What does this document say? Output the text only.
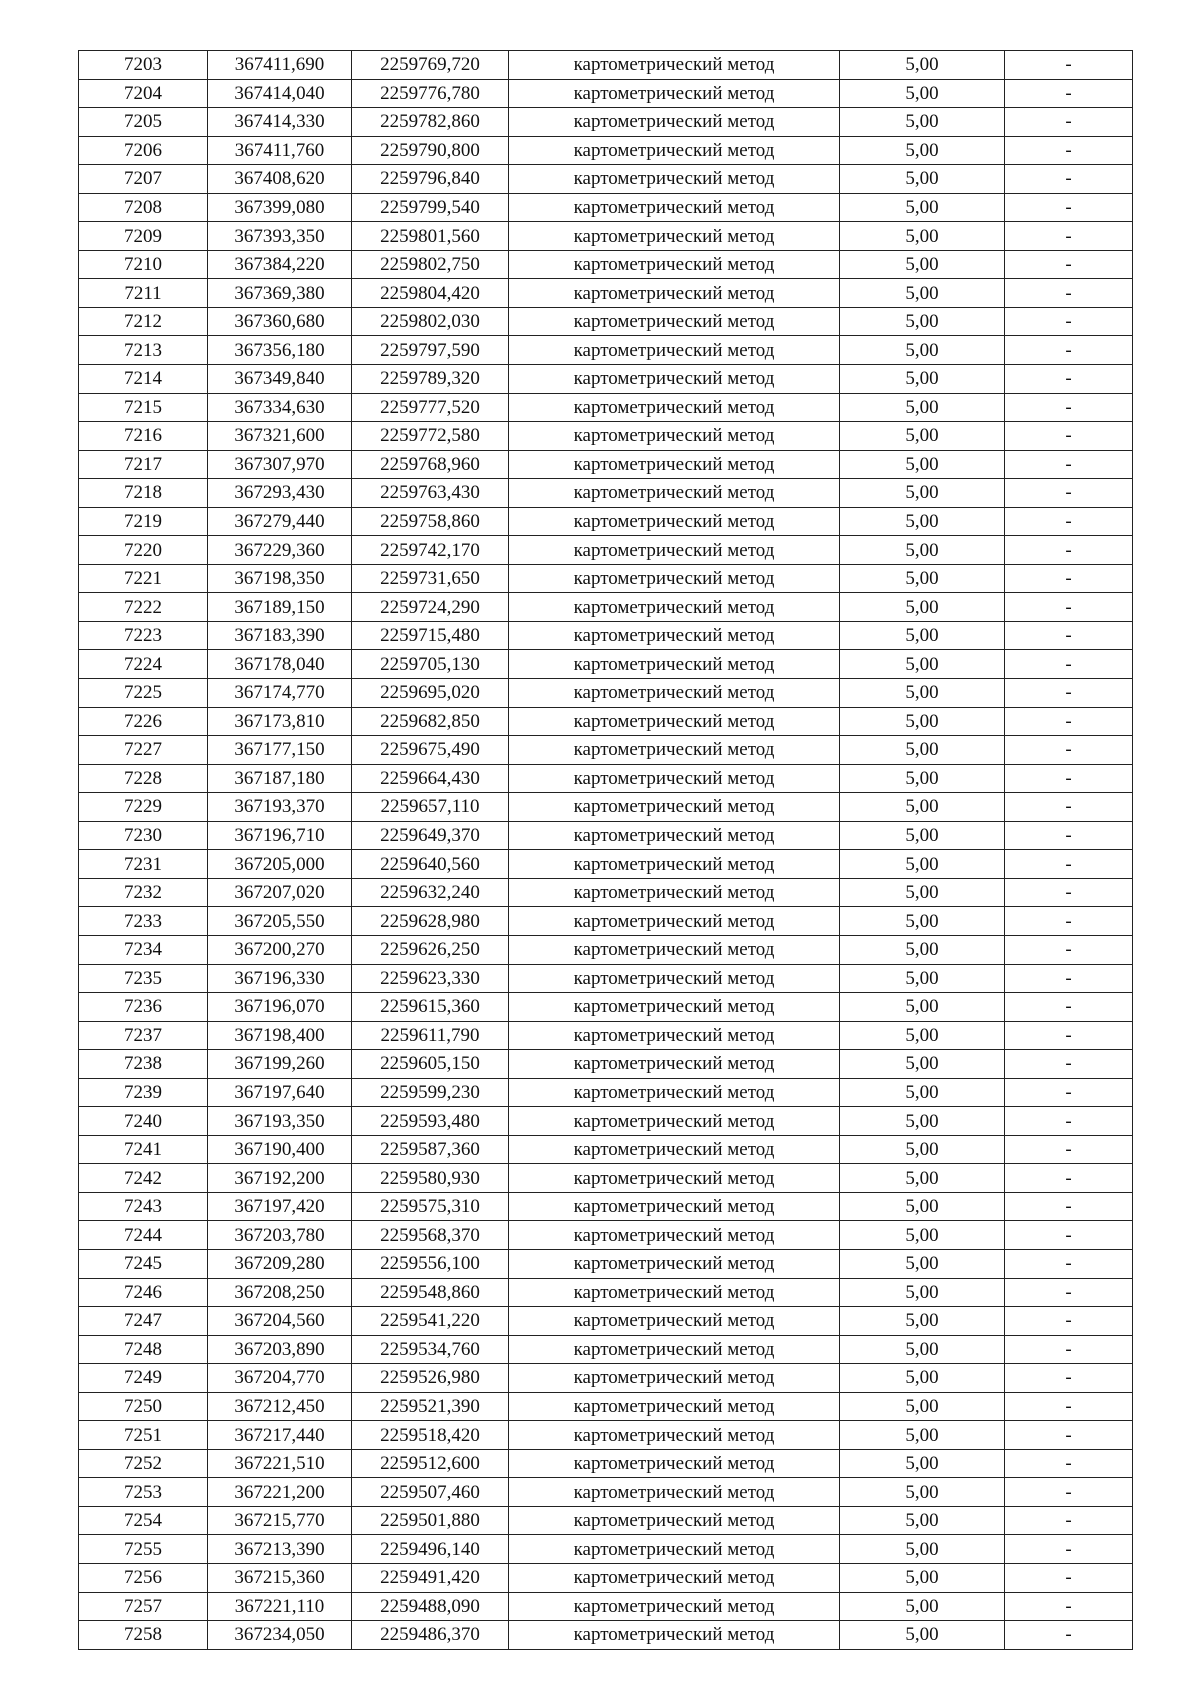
7203	367411,690	2259769,720	картометрический метод	5,00	-
7204	367414,040	2259776,780	картометрический метод	5,00	-
7205	367414,330	2259782,860	картометрический метод	5,00	-
7206	367411,760	2259790,800	картометрический метод	5,00	-
7207	367408,620	2259796,840	картометрический метод	5,00	-
7208	367399,080	2259799,540	картометрический метод	5,00	-
7209	367393,350	2259801,560	картометрический метод	5,00	-
7210	367384,220	2259802,750	картометрический метод	5,00	-
7211	367369,380	2259804,420	картометрический метод	5,00	-
7212	367360,680	2259802,030	картометрический метод	5,00	-
7213	367356,180	2259797,590	картометрический метод	5,00	-
7214	367349,840	2259789,320	картометрический метод	5,00	-
7215	367334,630	2259777,520	картометрический метод	5,00	-
7216	367321,600	2259772,580	картометрический метод	5,00	-
7217	367307,970	2259768,960	картометрический метод	5,00	-
7218	367293,430	2259763,430	картометрический метод	5,00	-
7219	367279,440	2259758,860	картометрический метод	5,00	-
7220	367229,360	2259742,170	картометрический метод	5,00	-
7221	367198,350	2259731,650	картометрический метод	5,00	-
7222	367189,150	2259724,290	картометрический метод	5,00	-
7223	367183,390	2259715,480	картометрический метод	5,00	-
7224	367178,040	2259705,130	картометрический метод	5,00	-
7225	367174,770	2259695,020	картометрический метод	5,00	-
7226	367173,810	2259682,850	картометрический метод	5,00	-
7227	367177,150	2259675,490	картометрический метод	5,00	-
7228	367187,180	2259664,430	картометрический метод	5,00	-
7229	367193,370	2259657,110	картометрический метод	5,00	-
7230	367196,710	2259649,370	картометрический метод	5,00	-
7231	367205,000	2259640,560	картометрический метод	5,00	-
7232	367207,020	2259632,240	картометрический метод	5,00	-
7233	367205,550	2259628,980	картометрический метод	5,00	-
7234	367200,270	2259626,250	картометрический метод	5,00	-
7235	367196,330	2259623,330	картометрический метод	5,00	-
7236	367196,070	2259615,360	картометрический метод	5,00	-
7237	367198,400	2259611,790	картометрический метод	5,00	-
7238	367199,260	2259605,150	картометрический метод	5,00	-
7239	367197,640	2259599,230	картометрический метод	5,00	-
7240	367193,350	2259593,480	картометрический метод	5,00	-
7241	367190,400	2259587,360	картометрический метод	5,00	-
7242	367192,200	2259580,930	картометрический метод	5,00	-
7243	367197,420	2259575,310	картометрический метод	5,00	-
7244	367203,780	2259568,370	картометрический метод	5,00	-
7245	367209,280	2259556,100	картометрический метод	5,00	-
7246	367208,250	2259548,860	картометрический метод	5,00	-
7247	367204,560	2259541,220	картометрический метод	5,00	-
7248	367203,890	2259534,760	картометрический метод	5,00	-
7249	367204,770	2259526,980	картометрический метод	5,00	-
7250	367212,450	2259521,390	картометрический метод	5,00	-
7251	367217,440	2259518,420	картометрический метод	5,00	-
7252	367221,510	2259512,600	картометрический метод	5,00	-
7253	367221,200	2259507,460	картометрический метод	5,00	-
7254	367215,770	2259501,880	картометрический метод	5,00	-
7255	367213,390	2259496,140	картометрический метод	5,00	-
7256	367215,360	2259491,420	картометрический метод	5,00	-
7257	367221,110	2259488,090	картометрический метод	5,00	-
7258	367234,050	2259486,370	картометрический метод	5,00	-
